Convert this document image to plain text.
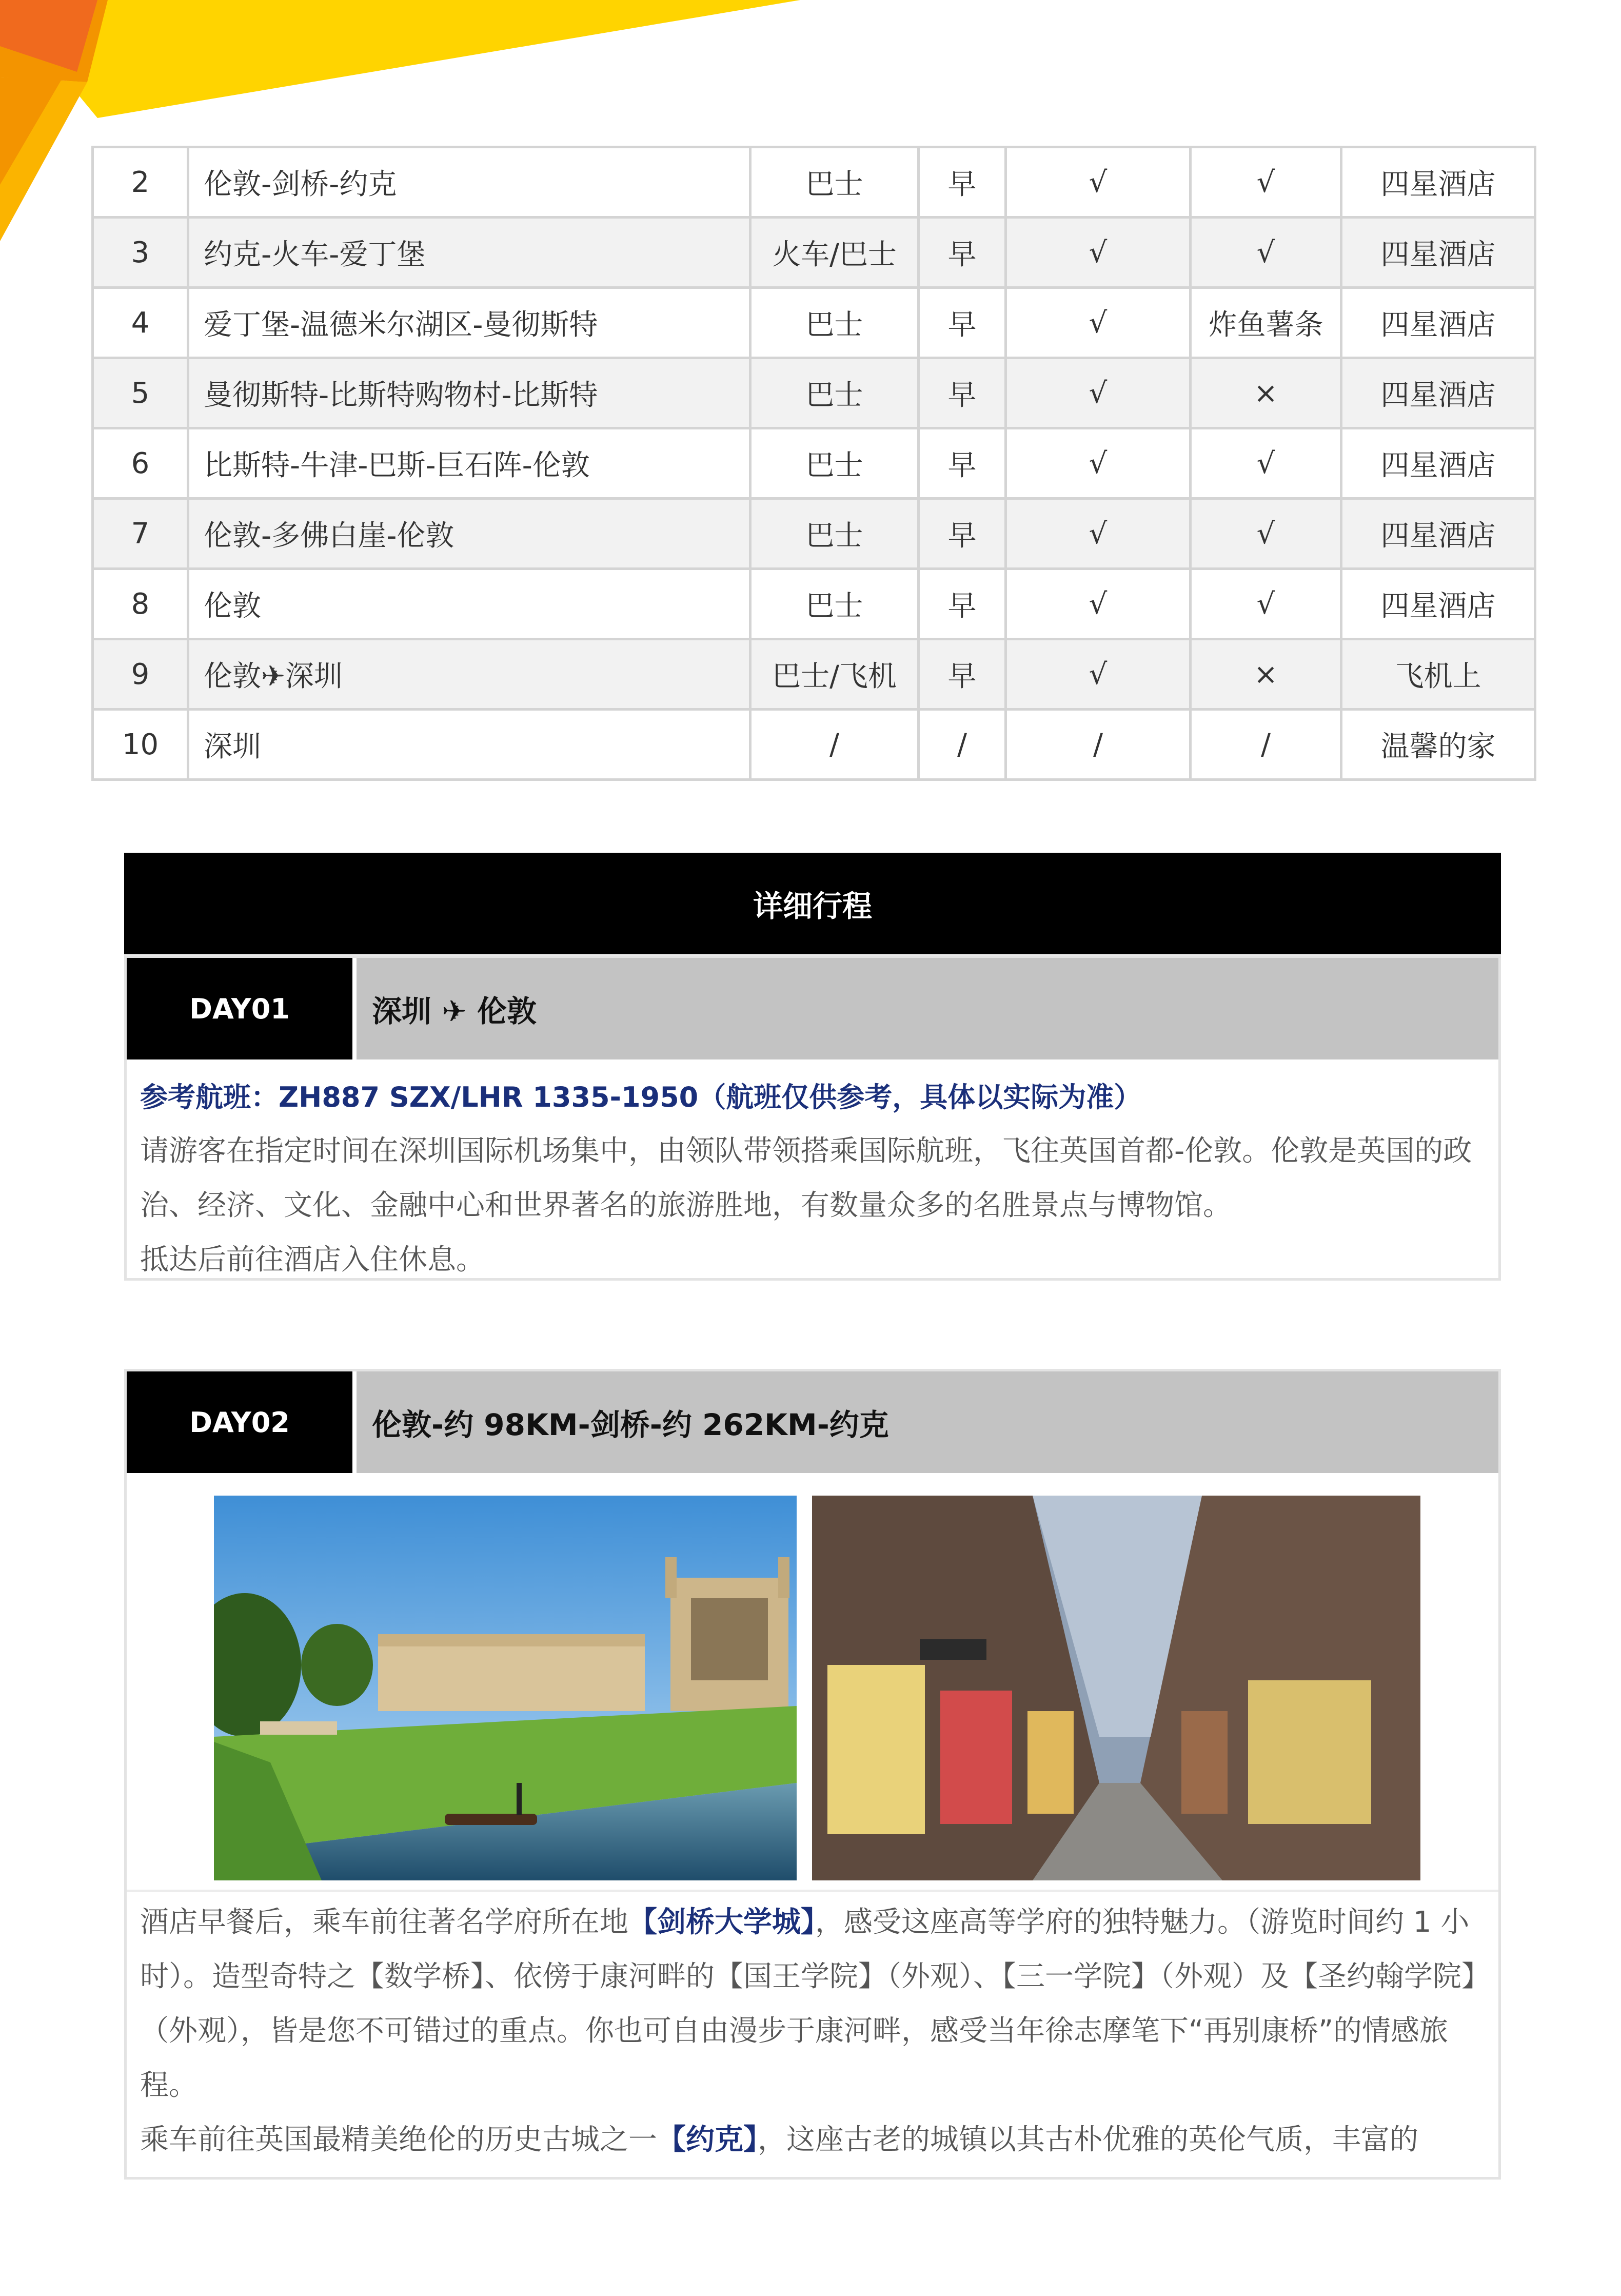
2	伦敦-剑桥-约克	巴士	早	√	√	四星酒店
3	约克-火车-爱丁堡	火车/巴士	早	√	√	四星酒店
4	爱丁堡-温德米尔湖区-曼彻斯特	巴士	早	√	炸鱼薯条	四星酒店
5	曼彻斯特-比斯特购物村-比斯特	巴士	早	√	×	四星酒店
6	比斯特-牛津-巴斯-巨石阵-伦敦	巴士	早	√	√	四星酒店
7	伦敦-多佛白崖-伦敦	巴士	早	√	√	四星酒店
8	伦敦	巴士	早	√	√	四星酒店
9	伦敦✈深圳	巴士/飞机	早	√	×	飞机上
10	深圳	/	/	/	/	温馨的家
详细行程
DAY01	深圳 ✈ 伦敦
参考航班：ZH887 SZX/LHR 1335-1950（航班仅供参考，具体以实际为准）
请游客在指定时间在深圳国际机场集中，由领队带领搭乘国际航班，飞往英国首都-伦敦。伦敦是英国的政治、经济、文化、金融中心和世界著名的旅游胜地，有数量众多的名胜景点与博物馆。
抵达后前往酒店入住休息。
DAY02	伦敦-约 98KM-剑桥-约 262KM-约克
酒店早餐后，乘车前往著名学府所在地【剑桥大学城】，感受这座高等学府的独特魅力。（游览时间约 1 小时）。造型奇特之【数学桥】、依傍于康河畔的【国王学院】（外观）、【三一学院】（外观）及【圣约翰学院】（外观），皆是您不可错过的重点。你也可自由漫步于康河畔，感受当年徐志摩笔下“再别康桥”的情感旅程。
乘车前往英国最精美绝伦的历史古城之一【约克】，这座古老的城镇以其古朴优雅的英伦气质，丰富的
